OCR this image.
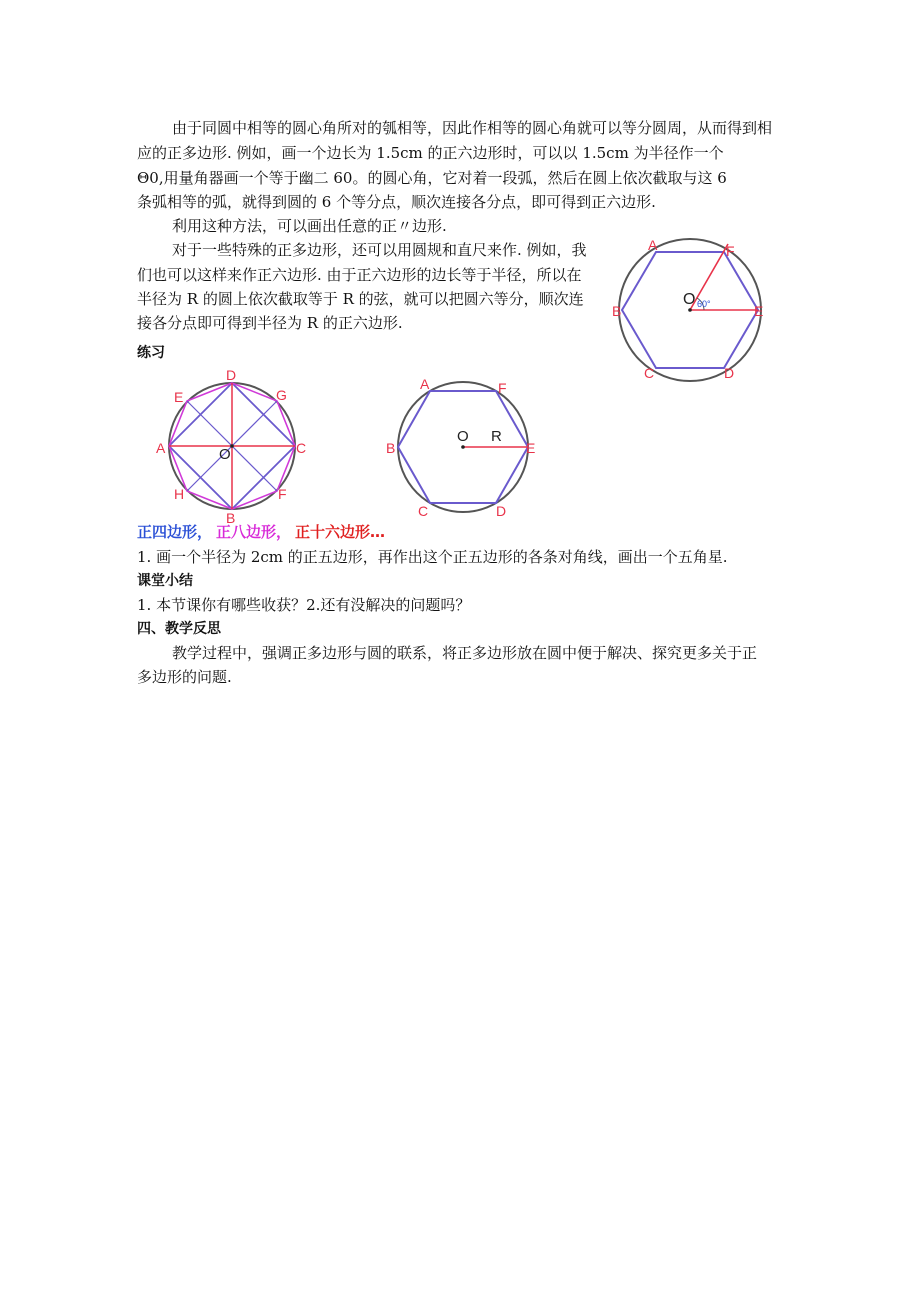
由于同圆中相等的圆心角所对的瓠相等，因此作相等的圆心角就可以等分圆周，从而得到相
应的正多边形. 例如，画一个边长为 1.5cm 的正六边形时，可以以 1.5cm 为半径作一个
Θ0,用量角器画一个等于幽二 60。的圆心角，它对着一段弧，然后在圆上依次截取与这 6
条弧相等的弧，就得到圆的 6 个等分点，顺次连接各分点，即可得到正六边形.
利用这种方法，可以画出任意的正〃边形.
对于一些特殊的正多边形，还可以用圆规和直尺来作. 例如，我
们也可以这样来作正六边形. 由于正六边形的边长等于半径，所以在
半径为 R 的圆上依次截取等于 R 的弦，就可以把圆六等分，顺次连
接各分点即可得到半径为 R 的正六边形.
练习
O 60°
A	F
E
D
C
B
O
D
G
C
F
B
H
A
E
O R
A	F
E
D
C
B
正四边形， 正八边形， 正十六边形…
1. 画一个半径为 2cm 的正五边形，再作出这个正五边形的各条对角线，画出一个五角星.
课堂小结
1. 本节课你有哪些收获？2.还有没解决的问题吗？
四、教学反思
教学过程中，强调正多边形与圆的联系，将正多边形放在圆中便于解决、探究更多关于正
多边形的问题.
